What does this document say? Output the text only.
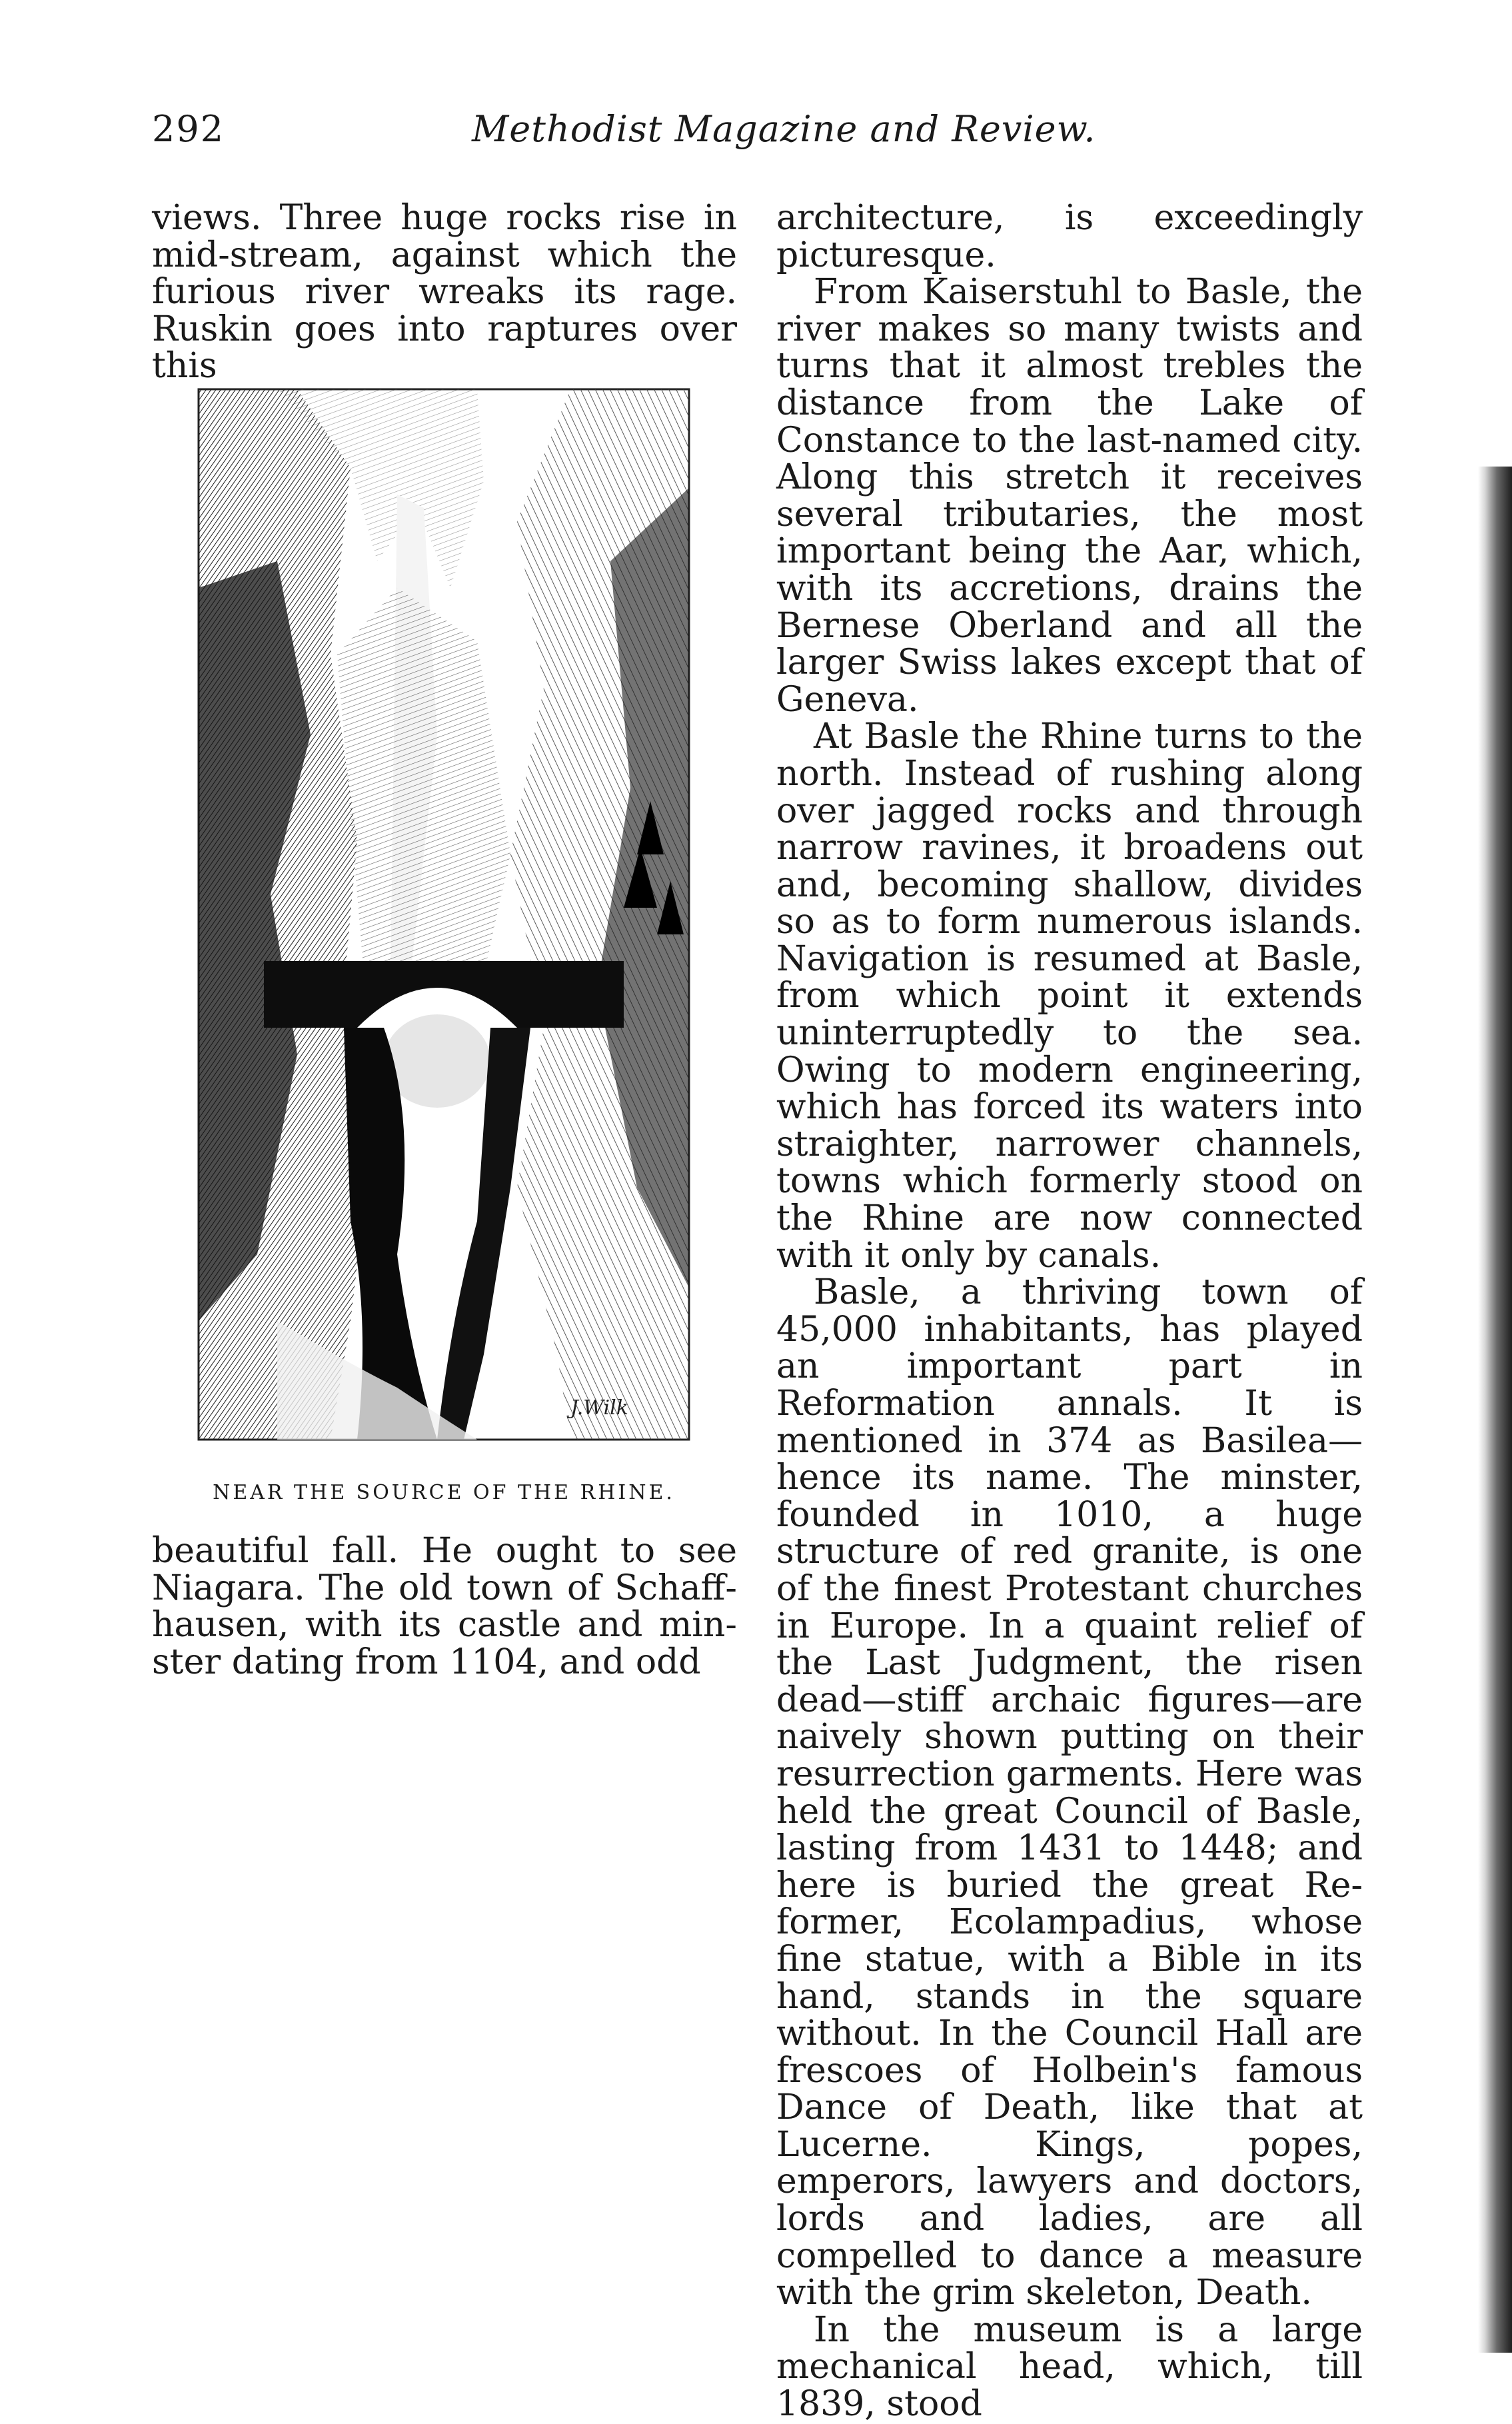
292	Methodist Magazine and Review.

views. Three huge rocks rise in mid-stream, against which the furious river wreaks its rage. Ruskin goes into raptures over this

J.Wilk
NEAR THE SOURCE OF THE RHINE.

beautiful fall. He ought to see Niagara. The old town of Schaffhausen, with its castle and minster dating from 1104, and odd

architecture, is exceedingly picturesque.

From Kaiserstuhl to Basle, the river makes so many twists and turns that it almost trebles the distance from the Lake of Constance to the last-named city. Along this stretch it receives several tributaries, the most important being the Aar, which, with its accretions, drains the Bernese Oberland and all the larger Swiss lakes except that of Geneva.

At Basle the Rhine turns to the north. Instead of rushing along over jagged rocks and through narrow ravines, it broadens out and, becoming shallow, divides so as to form numerous islands. Navigation is resumed at Basle, from which point it extends uninterruptedly to the sea. Owing to modern engineering, which has forced its waters into straighter, narrower channels, towns which formerly stood on the Rhine are now connected with it only by canals.

Basle, a thriving town of 45,000 inhabitants, has played an important part in Reformation annals. It is mentioned in 374 as Basilea— hence its name. The minster, founded in 1010, a huge structure of red granite, is one of the finest Protestant churches in Europe. In a quaint relief of the Last Judgment, the risen dead—stiff archaic figures—are naively shown putting on their resurrection garments. Here was held the great Council of Basle, lasting from 1431 to 1448; and here is buried the great Reformer, Ecolampadius, whose fine statue, with a Bible in its hand, stands in the square without. In the Council Hall are frescoes of Holbein's famous Dance of Death, like that at Lucerne. Kings, popes, emperors, lawyers and doctors, lords and ladies, are all compelled to dance a measure with the grim skeleton, Death.

In the museum is a large mechanical head, which, till 1839, stood
